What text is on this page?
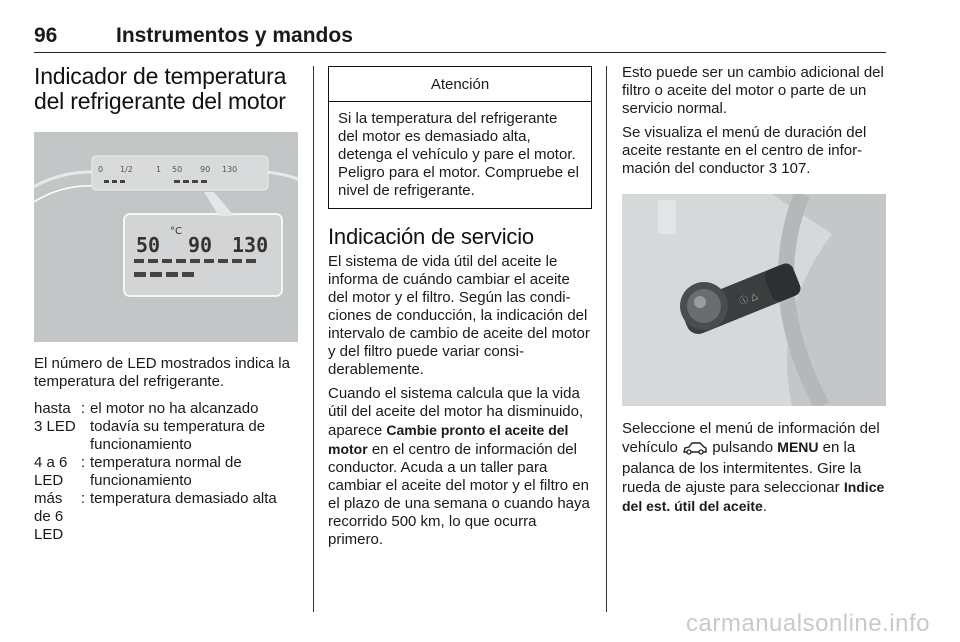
96	Instrumentos y mandos
Indicador de temperatura
del refrigerante del motor
50 90 130
°C
0 1/2	1 50 90 130

El número de LED mostrados indica la temperatura del refrigerante.

hasta 3 LED	:	el motor no ha alcanzado todavía su temperatura de funcionamiento
4 a 6 LED	:	temperatura normal de funcionamiento
más de 6 LED	:	temperatura demasiado alta
Atención
Si la temperatura del refrigerante del motor es demasiado alta, detenga el vehículo y pare el motor. Peligro para el motor. Compruebe el nivel de refrigerante.
Indicación de servicio

El sistema de vida útil del aceite le informa de cuándo cambiar el aceite del motor y el filtro. Según las condiciones de conducción, la indicación del intervalo de cambio de aceite del motor y del filtro puede variar considerablemente.

Cuando el sistema calcula que la vida útil del aceite del motor ha disminuido, aparece Cambie pronto el aceite del motor en el centro de información del conductor. Acuda a un taller para cambiar el aceite del motor y el filtro en el plazo de una semana o cuando haya recorrido 500 km, lo que ocurra primero.

Esto puede ser un cambio adicional del filtro o aceite del motor o parte de un servicio normal.

Se visualiza el menú de duración del aceite restante en el centro de información del conductor 3 107.

ⓘ △

Seleccione el menú de información del vehículo  pulsando MENU en la palanca de los intermitentes. Gire la rueda de ajuste para seleccionar Indice del est. útil del aceite.

carmanualsonline.info
